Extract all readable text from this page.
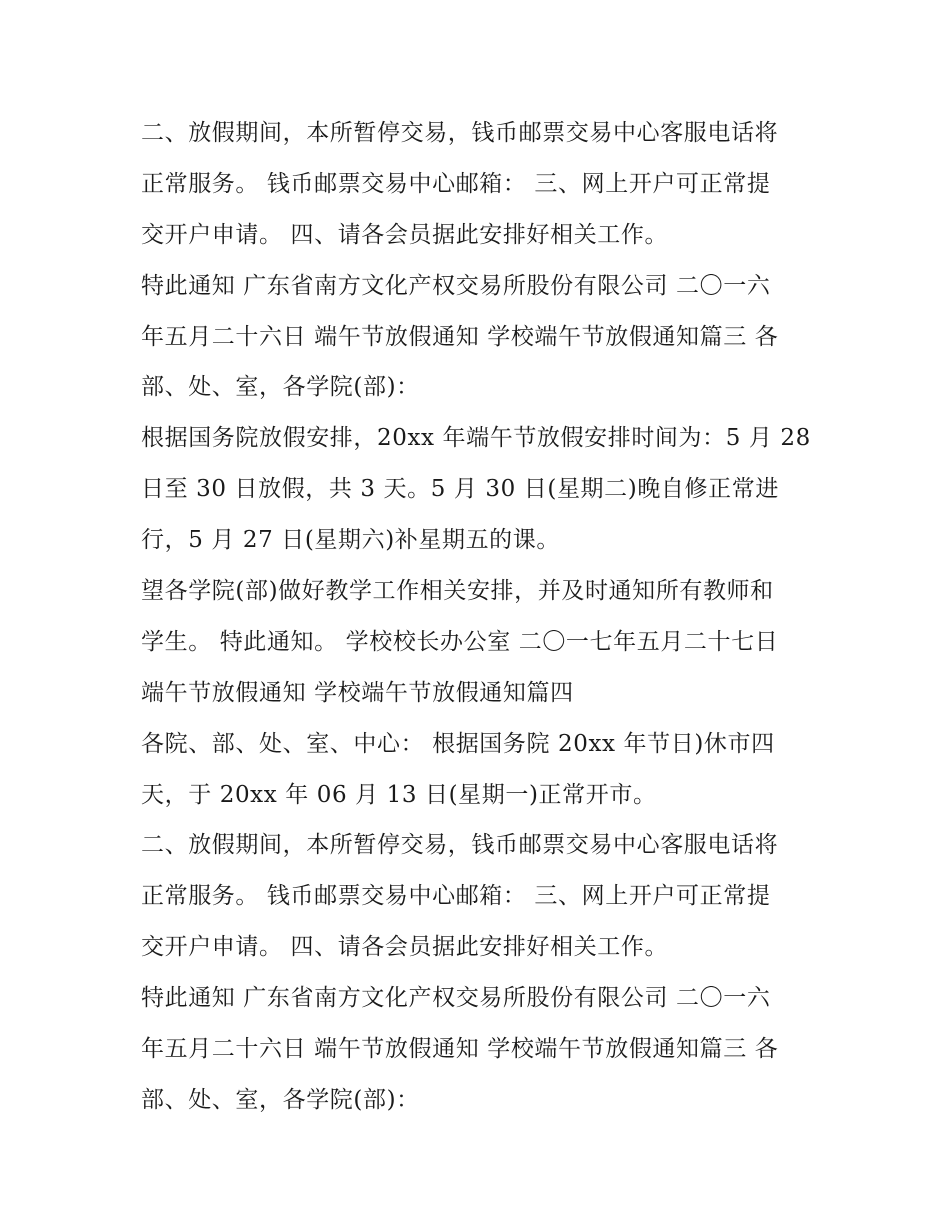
二、放假期间，本所暂停交易，钱币邮票交易中心客服电话将
正常服务。 钱币邮票交易中心邮箱： 三、网上开户可正常提
交开户申请。 四、请各会员据此安排好相关工作。
特此通知 广东省南方文化产权交易所股份有限公司 二〇一六
年五月二十六日 端午节放假通知 学校端午节放假通知篇三 各
部、处、室，各学院(部)：
根据国务院放假安排，20xx 年端午节放假安排时间为：5 月 28
日至 30 日放假，共 3 天。5 月 30 日(星期二)晚自修正常进
行，5 月 27 日(星期六)补星期五的课。
望各学院(部)做好教学工作相关安排，并及时通知所有教师和
学生。 特此通知。 学校校长办公室 二〇一七年五月二十七日
端午节放假通知 学校端午节放假通知篇四
各院、部、处、室、中心： 根据国务院 20xx 年节日)休市四
天，于 20xx 年 06 月 13 日(星期一)正常开市。
二、放假期间，本所暂停交易，钱币邮票交易中心客服电话将
正常服务。 钱币邮票交易中心邮箱： 三、网上开户可正常提
交开户申请。 四、请各会员据此安排好相关工作。
特此通知 广东省南方文化产权交易所股份有限公司 二〇一六
年五月二十六日 端午节放假通知 学校端午节放假通知篇三 各
部、处、室，各学院(部)：
